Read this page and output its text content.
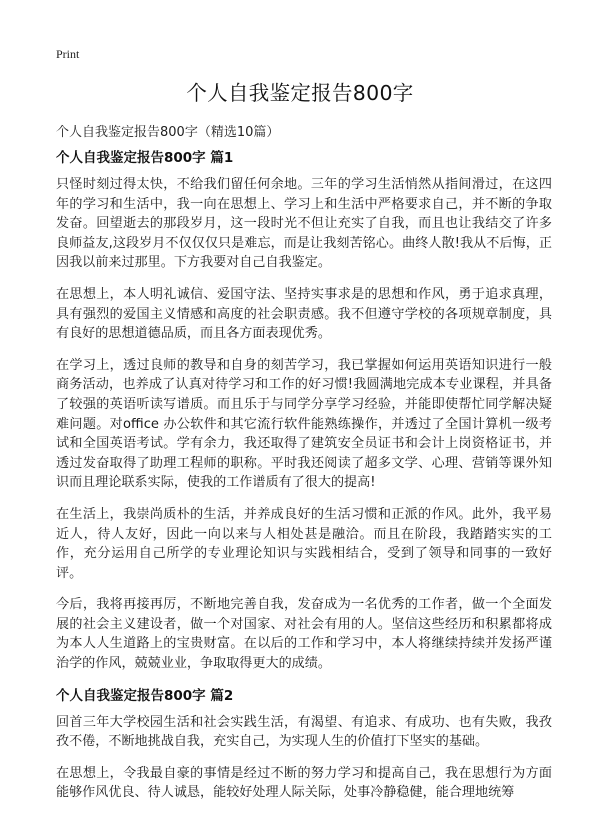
Print
个人自我鉴定报告800字

个人自我鉴定报告800字（精选10篇）

个人自我鉴定报告800字 篇1

只怪时刻过得太快，不给我们留任何余地。三年的学习生活悄然从指间滑过，在这四年的学习和生活中，我一向在思想上、学习上和生活中严格要求自己，并不断的争取发奋。回望逝去的那段岁月，这一段时光不但让充实了自我，而且也让我结交了许多良师益友,这段岁月不仅仅仅只是难忘，而是让我刻苦铭心。曲终人散!我从不后悔，正因我以前来过那里。下方我要对自己自我鉴定。

在思想上，本人明礼诚信、爱国守法、坚持实事求是的思想和作风，勇于追求真理，具有强烈的爱国主义情感和高度的社会职责感。我不但遵守学校的各项规章制度，具有良好的思想道德品质，而且各方面表现优秀。

在学习上，透过良师的教导和自身的刻苦学习，我已掌握如何运用英语知识进行一般商务活动，也养成了认真对待学习和工作的好习惯!我圆满地完成本专业课程，并具备了较强的英语听读写谱质。而且乐于与同学分享学习经验，并能即使帮忙同学解决疑难问题。对office 办公软件和其它流行软件能熟练操作，并透过了全国计算机一级考试和全国英语考试。学有余力，我还取得了建筑安全员证书和会计上岗资格证书，并透过发奋取得了助理工程师的职称。平时我还阅读了超多文学、心理、营销等课外知识而且理论联系实际，使我的工作谱质有了很大的提高!

在生活上，我崇尚质朴的生活，并养成良好的生活习惯和正派的作风。此外，我平易近人，待人友好，因此一向以来与人相处甚是融洽。而且在阶段，我踏踏实实的工作，充分运用自己所学的专业理论知识与实践相结合，受到了领导和同事的一致好评。

今后，我将再接再厉，不断地完善自我，发奋成为一名优秀的工作者，做一个全面发展的社会主义建设者，做一个对国家、对社会有用的人。坚信这些经历和积累都将成为本人人生道路上的宝贵财富。在以后的工作和学习中，本人将继续持续并发扬严谨治学的作风，兢兢业业，争取取得更大的成绩。

个人自我鉴定报告800字 篇2

回首三年大学校园生活和社会实践生活，有渴望、有追求、有成功、也有失败，我孜孜不倦，不断地挑战自我，充实自己，为实现人生的价值打下坚实的基础。

在思想上，令我最自豪的事情是经过不断的努力学习和提高自己，我在思想行为方面能够作风优良、待人诚恳，能较好处理人际关际，处事冷静稳健，能合理地统筹
